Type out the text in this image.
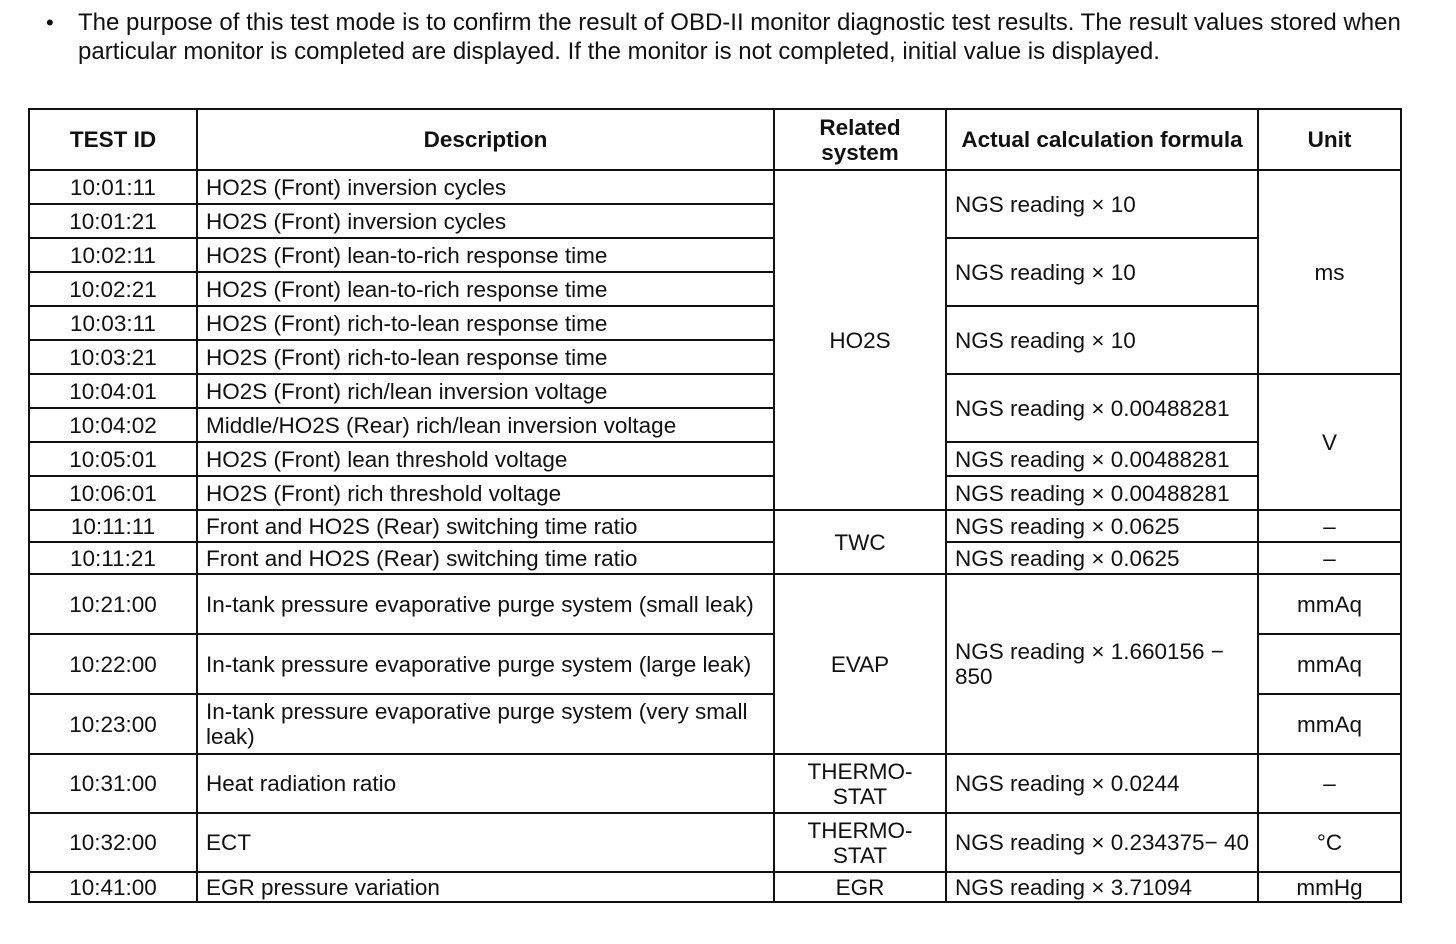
• The purpose of this test mode is to confirm the result of OBD-II monitor diagnostic test results. The result values stored when particular monitor is completed are displayed. If the monitor is not completed, initial value is displayed.
TEST ID	Description	Related system	Actual calculation formula	Unit
10:01:11	HO2S (Front) inversion cycles	HO2S	NGS reading × 10	ms
10:01:21	HO2S (Front) inversion cycles			
10:02:11	HO2S (Front) lean-to-rich response time		NGS reading × 10	
10:02:21	HO2S (Front) lean-to-rich response time			
10:03:11	HO2S (Front) rich-to-lean response time		NGS reading × 10	
10:03:21	HO2S (Front) rich-to-lean response time			
10:04:01	HO2S (Front) rich/lean inversion voltage		NGS reading × 0.00488281	V
10:04:02	Middle/HO2S (Rear) rich/lean inversion voltage			
10:05:01	HO2S (Front) lean threshold voltage		NGS reading × 0.00488281	
10:06:01	HO2S (Front) rich threshold voltage		NGS reading × 0.00488281	
10:11:11	Front and HO2S (Rear) switching time ratio	TWC	NGS reading × 0.0625	–
10:11:21	Front and HO2S (Rear) switching time ratio		NGS reading × 0.0625	–
10:21:00	In-tank pressure evaporative purge system (small leak)	EVAP	NGS reading × 1.660156 − 850	mmAq
10:22:00	In-tank pressure evaporative purge system (large leak)			mmAq
10:23:00	In-tank pressure evaporative purge system (very small leak)			mmAq
10:31:00	Heat radiation ratio	THERMO-STAT	NGS reading × 0.0244	–
10:32:00	ECT	THERMO-STAT	NGS reading × 0.234375− 40	°C
10:41:00	EGR pressure variation	EGR	NGS reading × 3.71094	mmHg
